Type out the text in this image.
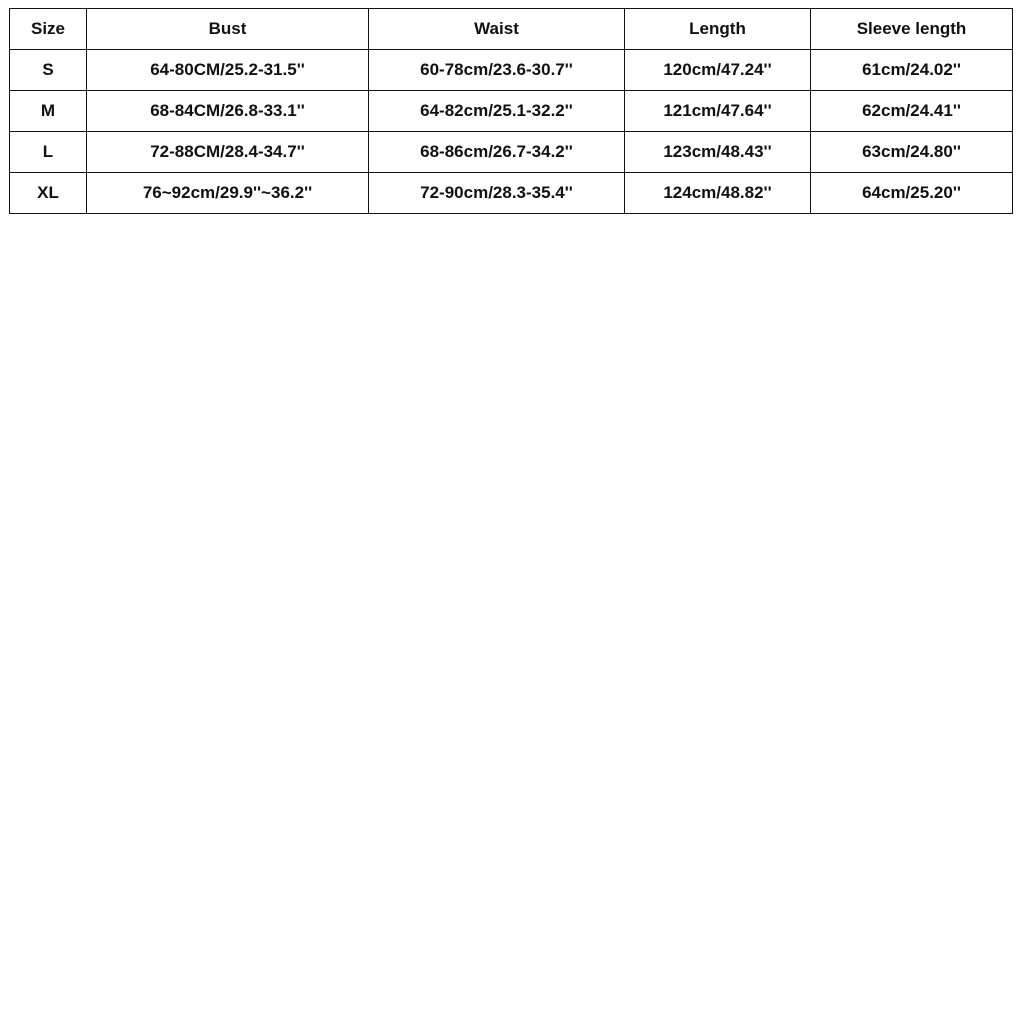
Size	Bust	Waist	Length	Sleeve length
S	64-80CM/25.2-31.5''	60-78cm/23.6-30.7''	120cm/47.24''	61cm/24.02''
M	68-84CM/26.8-33.1''	64-82cm/25.1-32.2''	121cm/47.64''	62cm/24.41''
L	72-88CM/28.4-34.7''	68-86cm/26.7-34.2''	123cm/48.43''	63cm/24.80''
XL	76~92cm/29.9''~36.2''	72-90cm/28.3-35.4''	124cm/48.82''	64cm/25.20''
